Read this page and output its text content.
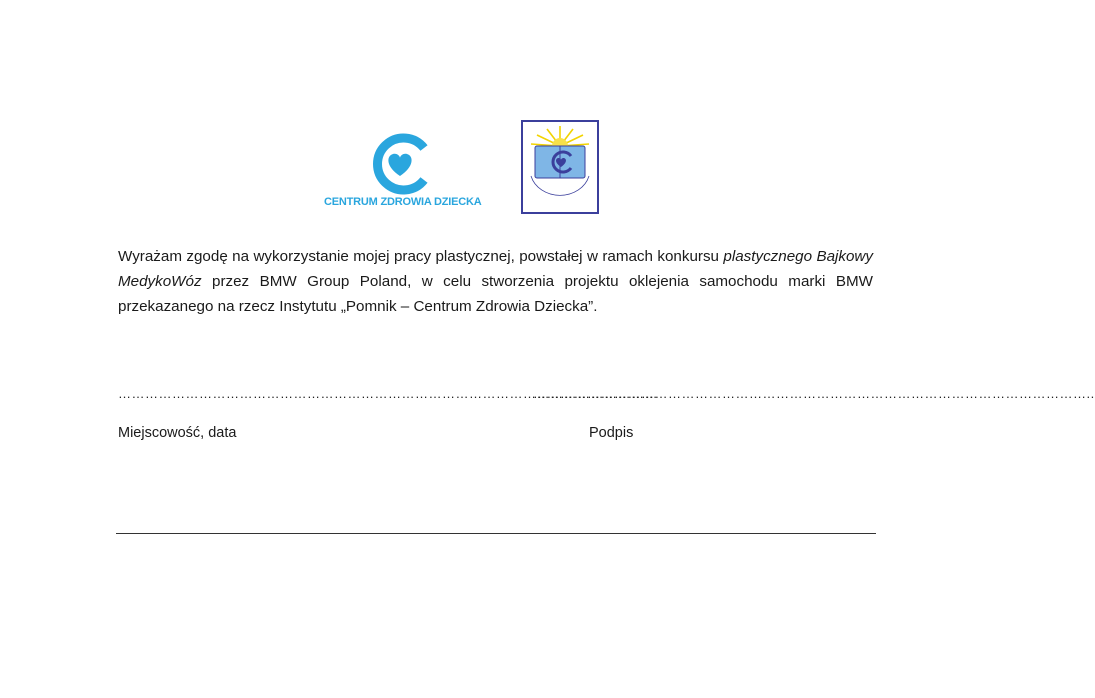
CENTRUM ZDROWIA DZIECKA

Wyrażam zgodę na wykorzystanie mojej pracy plastycznej, powstałej w ramach konkursu plastycznego Bajkowy MedykoWóz przez BMW Group Poland, w celu stworzenia projektu oklejenia samochodu marki BMW przekazanego na rzecz Instytutu „Pomnik – Centrum Zdrowia Dziecka”.

…………………………………………………………………………………………………………
……………………………………………………………………………………………………………..
Miejscowość, data	Podpis
